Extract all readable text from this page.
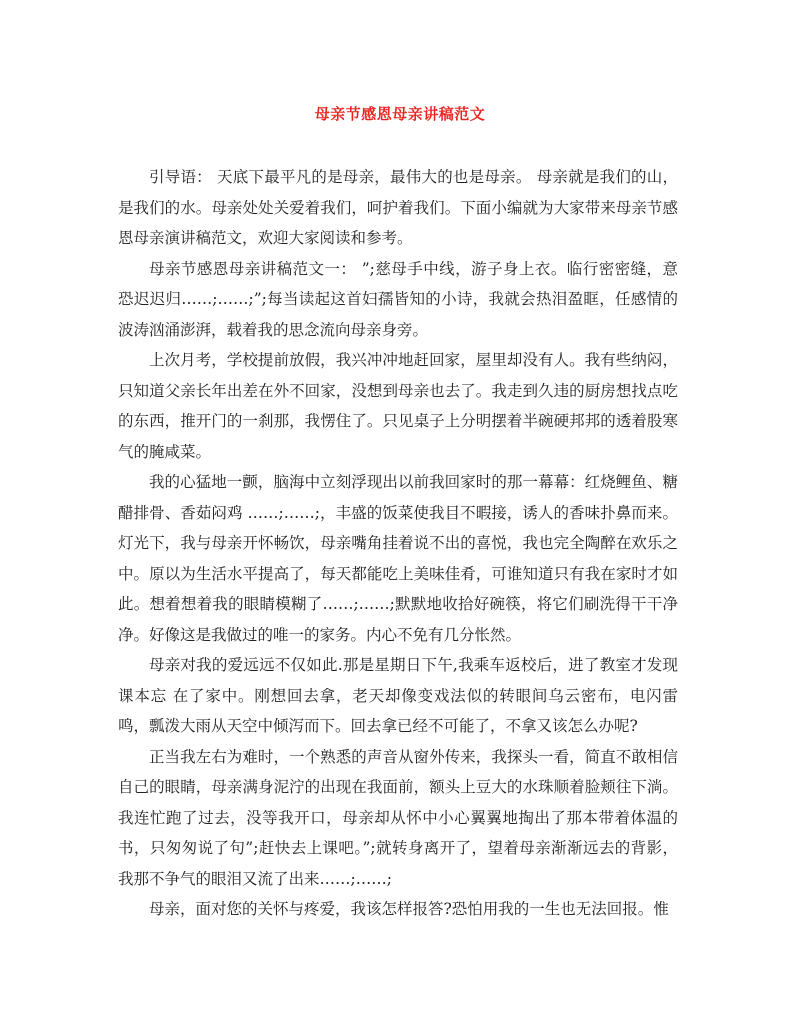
母亲节感恩母亲讲稿范文

引导语： 天底下最平凡的是母亲，最伟大的也是母亲。 母亲就是我们的山，是我们的水。母亲处处关爱着我们，呵护着我们。下面小编就为大家带来母亲节感恩母亲演讲稿范文，欢迎大家阅读和参考。

母亲节感恩母亲讲稿范文一： ”;慈母手中线，游子身上衣。临行密密缝，意恐迟迟归……;……;”;每当读起这首妇孺皆知的小诗，我就会热泪盈眶，任感情的波涛汹涌澎湃，载着我的思念流向母亲身旁。

上次月考，学校提前放假，我兴冲冲地赶回家，屋里却没有人。我有些纳闷，只知道父亲长年出差在外不回家，没想到母亲也去了。我走到久违的厨房想找点吃的东西，推开门的一刹那，我愣住了。只见桌子上分明摆着半碗硬邦邦的透着股寒气的腌咸菜。

我的心猛地一颤，脑海中立刻浮现出以前我回家时的那一幕幕：红烧鲤鱼、糖醋排骨、香茹闷鸡 ……;……;，丰盛的饭菜使我目不暇接，诱人的香味扑鼻而来。灯光下，我与母亲开怀畅饮，母亲嘴角挂着说不出的喜悦，我也完全陶醉在欢乐之中。原以为生活水平提高了，每天都能吃上美味佳肴，可谁知道只有我在家时才如此。想着想着我的眼睛模糊了……;……;默默地收拾好碗筷，将它们刷洗得干干净净。好像这是我做过的唯一的家务。内心不免有几分怅然。

母亲对我的爱远远不仅如此.那是星期日下午,我乘车返校后，进了教室才发现课本忘 在了家中。刚想回去拿，老天却像变戏法似的转眼间乌云密布，电闪雷鸣，瓢泼大雨从天空中倾泻而下。回去拿已经不可能了，不拿又该怎么办呢?

正当我左右为难时，一个熟悉的声音从窗外传来，我探头一看，简直不敢相信自己的眼睛，母亲满身泥泞的出现在我面前，额头上豆大的水珠顺着脸颊往下淌。我连忙跑了过去，没等我开口，母亲却从怀中小心翼翼地掏出了那本带着体温的书，只匆匆说了句”;赶快去上课吧。”;就转身离开了，望着母亲渐渐远去的背影，我那不争气的眼泪又流了出来……;……;

母亲，面对您的关怀与疼爱，我该怎样报答?恐怕用我的一生也无法回报。惟
